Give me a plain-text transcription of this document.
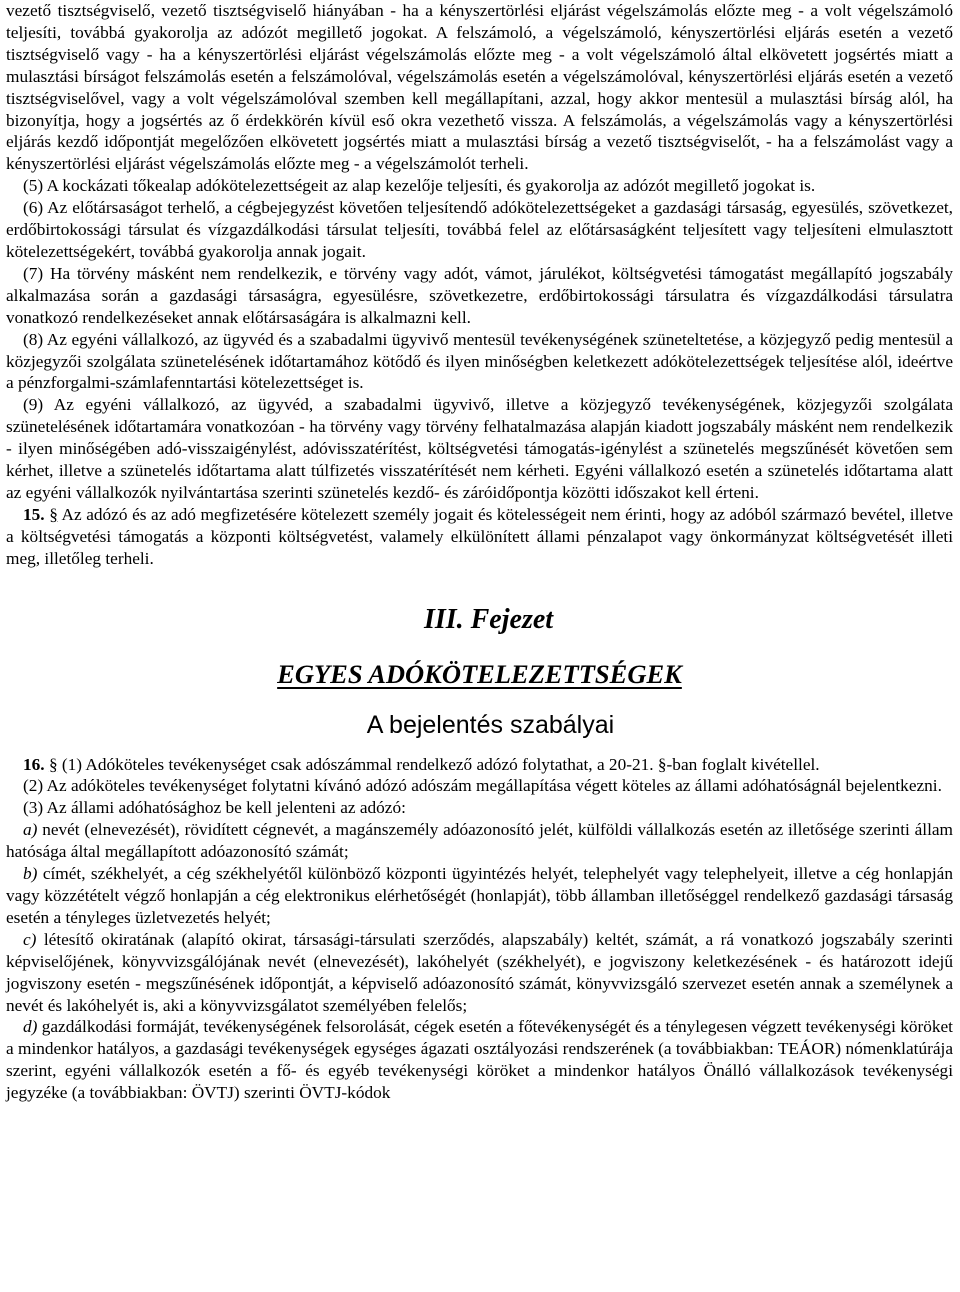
vezető tisztségviselő, vezető tisztségviselő hiányában - ha a kényszertörlési eljárást végelszámolás előzte meg - a volt végelszámoló teljesíti, továbbá gyakorolja az adózót megillető jogokat. A felszámoló, a végelszámoló, kényszertörlési eljárás esetén a vezető tisztségviselő vagy - ha a kényszertörlési eljárást végelszámolás előzte meg - a volt végelszámoló által elkövetett jogsértés miatt a mulasztási bírságot felszámolás esetén a felszámolóval, végelszámolás esetén a végelszámolóval, kényszertörlési eljárás esetén a vezető tisztségviselővel, vagy a volt végelszámolóval szemben kell megállapítani, azzal, hogy akkor mentesül a mulasztási bírság alól, ha bizonyítja, hogy a jogsértés az ő érdekkörén kívül eső okra vezethető vissza. A felszámolás, a végelszámolás vagy a kényszertörlési eljárás kezdő időpontját megelőzően elkövetett jogsértés miatt a mulasztási bírság a vezető tisztségviselőt, - ha a felszámolást vagy a kényszertörlési eljárást végelszámolás előzte meg - a végelszámolót terheli.

(5) A kockázati tőkealap adókötelezettségeit az alap kezelője teljesíti, és gyakorolja az adózót megillető jogokat is.

(6) Az előtársaságot terhelő, a cégbejegyzést követően teljesítendő adókötelezettségeket a gazdasági társaság, egyesülés, szövetkezet, erdőbirtokossági társulat és vízgazdálkodási társulat teljesíti, továbbá felel az előtársaságként teljesített vagy teljesíteni elmulasztott kötelezettségekért, továbbá gyakorolja annak jogait.

(7) Ha törvény másként nem rendelkezik, e törvény vagy adót, vámot, járulékot, költségvetési támogatást megállapító jogszabály alkalmazása során a gazdasági társaságra, egyesülésre, szövetkezetre, erdőbirtokossági társulatra és vízgazdálkodási társulatra vonatkozó rendelkezéseket annak előtársaságára is alkalmazni kell.

(8) Az egyéni vállalkozó, az ügyvéd és a szabadalmi ügyvivő mentesül tevékenységének szüneteltetése, a közjegyző pedig mentesül a közjegyzői szolgálata szünetelésének időtartamához kötődő és ilyen minőségben keletkezett adókötelezettségek teljesítése alól, ideértve a pénzforgalmi-számlafenntartási kötelezettséget is.

(9) Az egyéni vállalkozó, az ügyvéd, a szabadalmi ügyvivő, illetve a közjegyző tevékenységének, közjegyzői szolgálata szünetelésének időtartamára vonatkozóan - ha törvény vagy törvény felhatalmazása alapján kiadott jogszabály másként nem rendelkezik - ilyen minőségében adó-visszaigénylést, adóvisszatérítést, költségvetési támogatás-igénylést a szünetelés megszűnését követően sem kérhet, illetve a szünetelés időtartama alatt túlfizetés visszatérítését nem kérheti. Egyéni vállalkozó esetén a szünetelés időtartama alatt az egyéni vállalkozók nyilvántartása szerinti szünetelés kezdő- és záróidőpontja közötti időszakot kell érteni.

15. § Az adózó és az adó megfizetésére kötelezett személy jogait és kötelességeit nem érinti, hogy az adóból származó bevétel, illetve a költségvetési támogatás a központi költségvetést, valamely elkülönített állami pénzalapot vagy önkormányzat költségvetését illeti meg, illetőleg terheli.

III. Fejezet
EGYES ADÓKÖTELEZETTSÉGEK
A bejelentés szabályai

16. § (1) Adóköteles tevékenységet csak adószámmal rendelkező adózó folytathat, a 20-21. §-ban foglalt kivétellel.

(2) Az adóköteles tevékenységet folytatni kívánó adózó adószám megállapítása végett köteles az állami adóhatóságnál bejelentkezni.

(3) Az állami adóhatósághoz be kell jelenteni az adózó:

a) nevét (elnevezését), rövidített cégnevét, a magánszemély adóazonosító jelét, külföldi vállalkozás esetén az illetősége szerinti állam hatósága által megállapított adóazonosító számát;

b) címét, székhelyét, a cég székhelyétől különböző központi ügyintézés helyét, telephelyét vagy telephelyeit, illetve a cég honlapján vagy közzétételt végző honlapján a cég elektronikus elérhetőségét (honlapját), több államban illetőséggel rendelkező gazdasági társaság esetén a tényleges üzletvezetés helyét;

c) létesítő okiratának (alapító okirat, társasági-társulati szerződés, alapszabály) keltét, számát, a rá vonatkozó jogszabály szerinti képviselőjének, könyvvizsgálójának nevét (elnevezését), lakóhelyét (székhelyét), e jogviszony keletkezésének - és határozott idejű jogviszony esetén - megszűnésének időpontját, a képviselő adóazonosító számát, könyvvizsgáló szervezet esetén annak a személynek a nevét és lakóhelyét is, aki a könyvvizsgálatot személyében felelős;

d) gazdálkodási formáját, tevékenységének felsorolását, cégek esetén a főtevékenységét és a ténylegesen végzett tevékenységi köröket a mindenkor hatályos, a gazdasági tevékenységek egységes ágazati osztályozási rendszerének (a továbbiakban: TEÁOR) nómenklatúrája szerint, egyéni vállalkozók esetén a fő- és egyéb tevékenységi köröket a mindenkor hatályos Önálló vállalkozások tevékenységi jegyzéke (a továbbiakban: ÖVTJ) szerinti ÖVTJ-kódok
